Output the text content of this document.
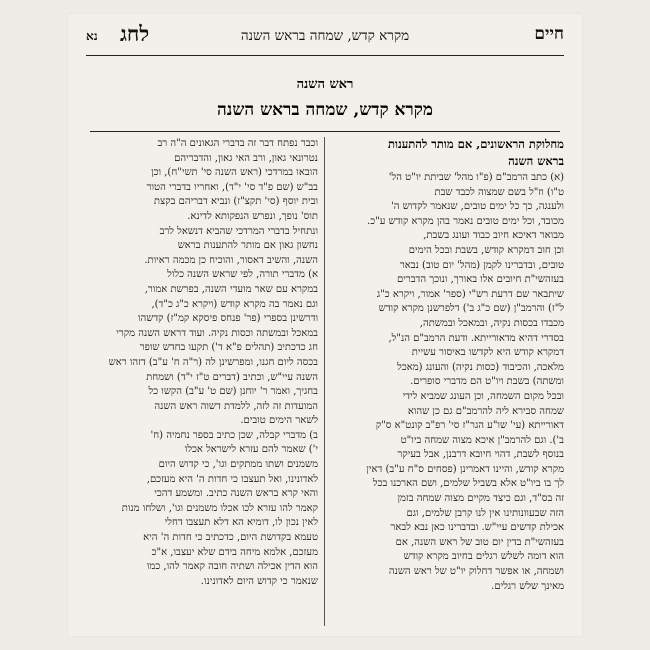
חיים
מקרא קדש, שמחה בראש השנה
לחג
נא
ראש השנה
מקרא קדש, שמחה בראש השנה
מחלוקת הראשונים, אם מותר להתענות
בראש השנה
(א) כתב הרמב"ם (פ"ו מהל' שביתת יו"ט הל'
ט"ו) וז"ל בשם שמצוה לכבד שבת
ולענגה, כך כל ימים טובים, שנאמר לקדוש ה'
מכובד, וכל ימים טובים נאמר בהן מקרא קודש ע"כ.
מבואר דאיכא חיוב כבוד ועונג בשבת,
וכן חוב דמקרא קודש, בשבת ובכל הימים
טובים, ובדברינו לקמן (מהל' יום טוב) נבאר
בעזהשי"ת חיובים אלו באורך, ונוכך הדברים
שיתבאר שם דרעת רש"י (ספר' אמור, ויקרא כ"ג
ל"ז) והרמב"ן (שם כ"ג ב') דלפרשנן מקרא קודש
מכבדו בכסות נקיה, ובמאכל ובמשתה,
בסדרי דהיא מדאורייתא. ודעת הרמב"ם הנ"ל,
דמקרא קודש היא לקדשו באיסור עשיית
מלאכה, והכיבוד (כסות נקיה) והעונג (מאכל
ומשתה) בשבת ויו"ט הם מדברי סופרים.
ובכל מקום השמחה, וכן העונג שמביא לידי
שמחה סבירא ליה להרמב"ם גם כן שהוא
דאורייתא (עי' שו"ע הגר"ז סי' רפ"ב קונט"א ס"ק
ב'). וגם להרמב"ן איכא מצוה שמחה ביו"ט
בנוסף לשבת, דהוי חיובא דרבנן, אבל בעיקר
מקרא קודש, והיינו דאמרינן (פסחים ס"ח ע"ב) דאין
לך בו ביו"ט אלא בשביל שלמים, ושם הארכנו בכל
זה בס"ד, וגם כיצד מקיים מצוה שמחה בזמן
הזה שבעוונותינו אין לנו קרבן שלמים, וגם
אכילת קדשים עיי"ש. ובדברינו כאן נבא לבאר
בעזהשי"ת בדין יום טוב של ראש השנה, אם
הוא דומה לשלש רגלים בחיוב מקרא קודש
ושמחה, או אפשר דחלוק יו"ט של ראש השנה
מאינך שלש רגלים.
וכבר נפתח דבר זה בדברי הגאונים ה"ה רב
נטרונאי גאון, ורב האי גאון, והדבריהם
הובאו במרדכי (ראש השנה סי' תשי"ח), וכן
בב"ש (שם פ"ד סי' י"ד), ואחריו בדברי הטור
ובית יוסף (סי' תקצ"ז) ונביא דבריהם בקצת
תוס' נופך, ונפרש הנפקותא לדינא.
ונתחיל בדברי המרדכי שהביא דנשאל לרב
נחשון גאון אם מותר להתענות בראש
השנה, והשיב דאסור, והוכיח כן מכמה ראיות.
א) מדברי תורה, לפי שראש השנה כלול
במקרא עם שאר מועדי השנה, בפרשת אמור,
וגם נאמר בה מקרא קודש (ויקרא כ"ג כ"ד),
ודרשינן בספרי (פר' פנחס פיסקא קמ"ז) קדשהו
במאכל ובמשתה וכסות נקיה. ועוד דראש השנה מקרי
חג כדכתיב (תהלים פ"א ד') תקעו בחדש שופר
בכסה ליום חגנו, ומפרשינן לה (ר"ה ח' ע"ב) דזהו ראש
השנה עיי"ש, וכתיב (דברים ט"ז י"ד) ושמחת
בחגיך, ואמר ר' יוחנן (שם ט' ע"ב) הקשו כל
המועדות זה לזה, ללמדת דשוה ראש השנה
לשאר הימים טובים.
ב) מדברי קבלה, שכן כתיב בספר נחמיה (ח'
י') שאמר להם עזרא לישראל אכלו
משמנים ושתו ממתקים וגו', כי קדוש היום
לאדונינו, ואל תעצבו כי חדות ה' היא מעזכם,
והאי קרא בראש השנה כתיב. ומשמע דהכי
קאמר להו עזרא לכו אכלו משמנים וגו', ושלחו מנות
לאין נכון לו, דומיא הא דלא תעצבו דחלי
טעמא בקדושת היום, כדכתיב כי חדות ה' היא
מעזכם, אלמא מיחה בידם שלא יעצבו, א"כ
הוא הדין אכילה ושתיה חובה קאמר להו, כמו
שנאמר כי קדוש היום לאדונינו.
